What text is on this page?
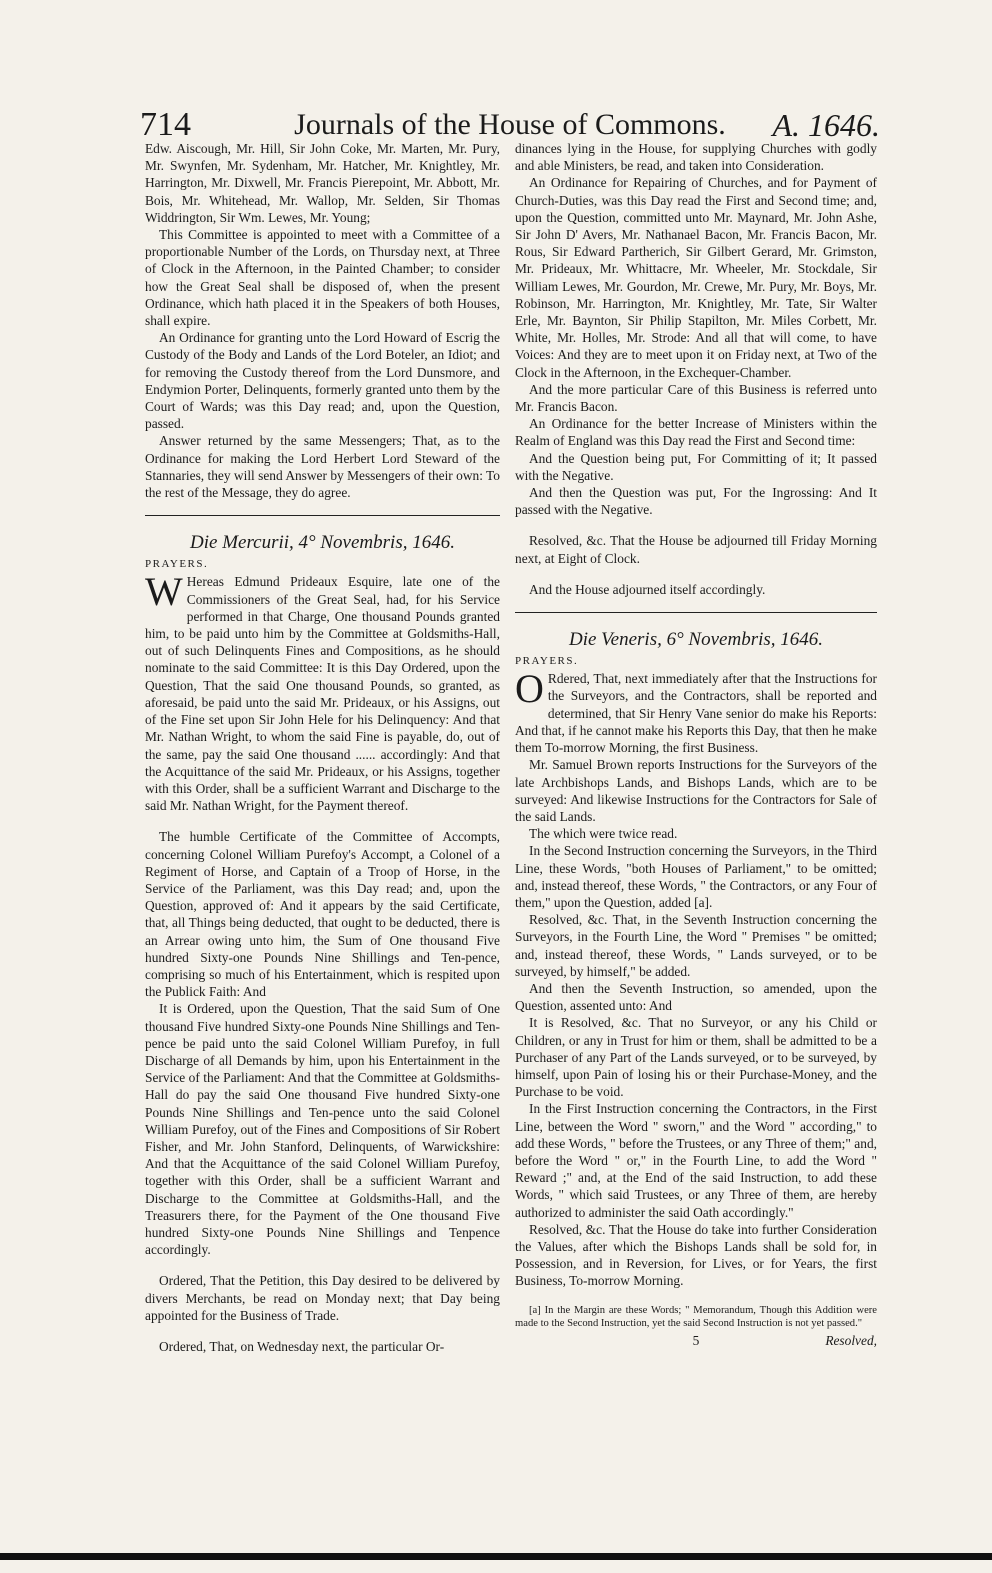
714	Journals of the House of Commons. A. 1646.

Edw. Aiscough, Mr. Hill, Sir John Coke, Mr. Marten, Mr. Pury, Mr. Swynfen, Mr. Sydenham, Mr. Hatcher, Mr. Knightley, Mr. Harrington, Mr. Dixwell, Mr. Francis Pierepoint, Mr. Abbott, Mr. Bois, Mr. Whitehead, Mr. Wallop, Mr. Selden, Sir Thomas Widdrington, Sir Wm. Lewes, Mr. Young;

This Committee is appointed to meet with a Committee of a proportionable Number of the Lords, on Thursday next, at Three of Clock in the Afternoon, in the Painted Chamber; to consider how the Great Seal shall be disposed of, when the present Ordinance, which hath placed it in the Speakers of both Houses, shall expire.

An Ordinance for granting unto the Lord Howard of Escrig the Custody of the Body and Lands of the Lord Boteler, an Idiot; and for removing the Custody thereof from the Lord Dunsmore, and Endymion Porter, Delinquents, formerly granted unto them by the Court of Wards; was this Day read; and, upon the Question, passed.

Answer returned by the same Messengers; That, as to the Ordinance for making the Lord Herbert Lord Steward of the Stannaries, they will send Answer by Messengers of their own: To the rest of the Message, they do agree.

Die Mercurii, 4° Novembris, 1646.

PRAYERS.

W Hereas Edmund Prideaux Esquire, late one of the Commissioners of the Great Seal, had, for his Service performed in that Charge, One thousand Pounds granted him, to be paid unto him by the Committee at Goldsmiths-Hall, out of such Delinquents Fines and Compositions, as he should nominate to the said Committee: It is this Day Ordered, upon the Question, That the said One thousand Pounds, so granted, as aforesaid, be paid unto the said Mr. Prideaux, or his Assigns, out of the Fine set upon Sir John Hele for his Delinquency: And that Mr. Nathan Wright, to whom the said Fine is payable, do, out of the same, pay the said One thousand ...... accordingly: And that the Acquittance of the said Mr. Prideaux, or his Assigns, together with this Order, shall be a sufficient Warrant and Discharge to the said Mr. Nathan Wright, for the Payment thereof.

The humble Certificate of the Committee of Accompts, concerning Colonel William Purefoy's Accompt, a Colonel of a Regiment of Horse, and Captain of a Troop of Horse, in the Service of the Parliament, was this Day read; and, upon the Question, approved of: And it appears by the said Certificate, that, all Things being deducted, that ought to be deducted, there is an Arrear owing unto him, the Sum of One thousand Five hundred Sixty-one Pounds Nine Shillings and Ten-pence, comprising so much of his Entertainment, which is respited upon the Publick Faith: And

It is Ordered, upon the Question, That the said Sum of One thousand Five hundred Sixty-one Pounds Nine Shillings and Ten-pence be paid unto the said Colonel William Purefoy, in full Discharge of all Demands by him, upon his Entertainment in the Service of the Parliament: And that the Committee at Goldsmiths-Hall do pay the said One thousand Five hundred Sixty-one Pounds Nine Shillings and Ten-pence unto the said Colonel William Purefoy, out of the Fines and Compositions of Sir Robert Fisher, and Mr. John Stanford, Delinquents, of Warwickshire: And that the Acquittance of the said Colonel William Purefoy, together with this Order, shall be a sufficient Warrant and Discharge to the Committee at Goldsmiths-Hall, and the Treasurers there, for the Payment of the One thousand Five hundred Sixty-one Pounds Nine Shillings and Tenpence accordingly.

Ordered, That the Petition, this Day desired to be delivered by divers Merchants, be read on Monday next; that Day being appointed for the Business of Trade.

Ordered, That, on Wednesday next, the particular Or-

dinances lying in the House, for supplying Churches with godly and able Ministers, be read, and taken into Consideration.

An Ordinance for Repairing of Churches, and for Payment of Church-Duties, was this Day read the First and Second time; and, upon the Question, committed unto Mr. Maynard, Mr. John Ashe, Sir John D' Avers, Mr. Nathanael Bacon, Mr. Francis Bacon, Mr. Rous, Sir Edward Partherich, Sir Gilbert Gerard, Mr. Grimston, Mr. Prideaux, Mr. Whittacre, Mr. Wheeler, Mr. Stockdale, Sir William Lewes, Mr. Gourdon, Mr. Crewe, Mr. Pury, Mr. Boys, Mr. Robinson, Mr. Harrington, Mr. Knightley, Mr. Tate, Sir Walter Erle, Mr. Baynton, Sir Philip Stapilton, Mr. Miles Corbett, Mr. White, Mr. Holles, Mr. Strode: And all that will come, to have Voices: And they are to meet upon it on Friday next, at Two of the Clock in the Afternoon, in the Exchequer-Chamber.

And the more particular Care of this Business is referred unto Mr. Francis Bacon.

An Ordinance for the better Increase of Ministers within the Realm of England was this Day read the First and Second time:

And the Question being put, For Committing of it; It passed with the Negative.

And then the Question was put, For the Ingrossing: And It passed with the Negative.

Resolved, &c. That the House be adjourned till Friday Morning next, at Eight of Clock.

And the House adjourned itself accordingly.

Die Veneris, 6° Novembris, 1646.

PRAYERS.

O Rdered, That, next immediately after that the Instructions for the Surveyors, and the Contractors, shall be reported and determined, that Sir Henry Vane senior do make his Reports: And that, if he cannot make his Reports this Day, that then he make them To-morrow Morning, the first Business.

Mr. Samuel Brown reports Instructions for the Surveyors of the late Archbishops Lands, and Bishops Lands, which are to be surveyed: And likewise Instructions for the Contractors for Sale of the said Lands.

The which were twice read.

In the Second Instruction concerning the Surveyors, in the Third Line, these Words, "both Houses of Parliament," to be omitted; and, instead thereof, these Words, " the Contractors, or any Four of them," upon the Question, added [a].

Resolved, &c. That, in the Seventh Instruction concerning the Surveyors, in the Fourth Line, the Word " Premises " be omitted; and, instead thereof, these Words, " Lands surveyed, or to be surveyed, by himself," be added.

And then the Seventh Instruction, so amended, upon the Question, assented unto: And

It is Resolved, &c. That no Surveyor, or any his Child or Children, or any in Trust for him or them, shall be admitted to be a Purchaser of any Part of the Lands surveyed, or to be surveyed, by himself, upon Pain of losing his or their Purchase-Money, and the Purchase to be void.

In the First Instruction concerning the Contractors, in the First Line, between the Word " sworn," and the Word " according," to add these Words, " before the Trustees, or any Three of them;" and, before the Word " or," in the Fourth Line, to add the Word " Reward ;" and, at the End of the said Instruction, to add these Words, " which said Trustees, or any Three of them, are hereby authorized to administer the said Oath accordingly."

Resolved, &c. That the House do take into further Consideration the Values, after which the Bishops Lands shall be sold for, in Possession, and in Reversion, for Lives, or for Years, the first Business, To-morrow Morning.

[a] In the Margin are these Words; " Memorandum, Though this Addition were made to the Second Instruction, yet the said Second Instruction is not yet passed."

5	Resolved,
